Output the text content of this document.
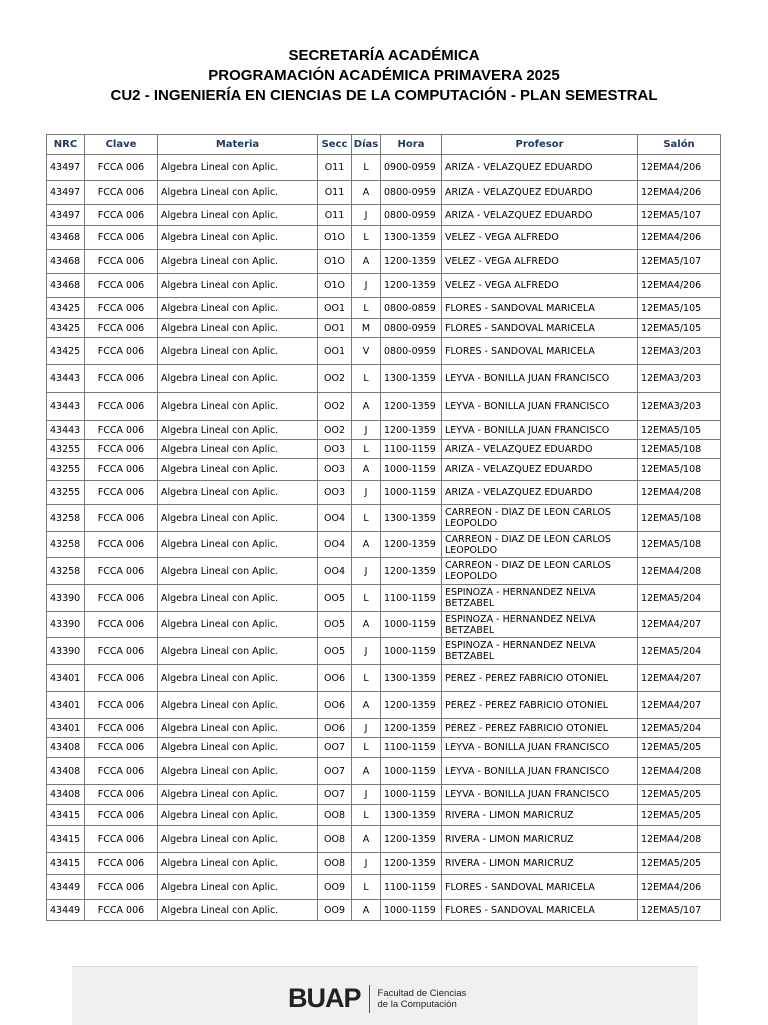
SECRETARÍA ACADÉMICA
PROGRAMACIÓN ACADÉMICA PRIMAVERA 2025
CU2 - INGENIERÍA EN CIENCIAS DE LA COMPUTACIÓN - PLAN SEMESTRAL
NRC	Clave	Materia	Secc	Días	Hora	Profesor	Salón
43497	FCCA 006	Algebra Lineal con Aplic.	O11	L	0900-0959	ARIZA - VELAZQUEZ EDUARDO	12EMA4/206
43497	FCCA 006	Algebra Lineal con Aplic.	O11	A	0800-0959	ARIZA - VELAZQUEZ EDUARDO	12EMA4/206
43497	FCCA 006	Algebra Lineal con Aplic.	O11	J	0800-0959	ARIZA - VELAZQUEZ EDUARDO	12EMA5/107
43468	FCCA 006	Algebra Lineal con Aplic.	O1O	L	1300-1359	VELEZ - VEGA ALFREDO	12EMA4/206
43468	FCCA 006	Algebra Lineal con Aplic.	O1O	A	1200-1359	VELEZ - VEGA ALFREDO	12EMA5/107
43468	FCCA 006	Algebra Lineal con Aplic.	O1O	J	1200-1359	VELEZ - VEGA ALFREDO	12EMA4/206
43425	FCCA 006	Algebra Lineal con Aplic.	OO1	L	0800-0859	FLORES - SANDOVAL MARICELA	12EMA5/105
43425	FCCA 006	Algebra Lineal con Aplic.	OO1	M	0800-0959	FLORES - SANDOVAL MARICELA	12EMA5/105
43425	FCCA 006	Algebra Lineal con Aplic.	OO1	V	0800-0959	FLORES - SANDOVAL MARICELA	12EMA3/203
43443	FCCA 006	Algebra Lineal con Aplic.	OO2	L	1300-1359	LEYVA - BONILLA JUAN FRANCISCO	12EMA3/203
43443	FCCA 006	Algebra Lineal con Aplic.	OO2	A	1200-1359	LEYVA - BONILLA JUAN FRANCISCO	12EMA3/203
43443	FCCA 006	Algebra Lineal con Aplic.	OO2	J	1200-1359	LEYVA - BONILLA JUAN FRANCISCO	12EMA5/105
43255	FCCA 006	Algebra Lineal con Aplic.	OO3	L	1100-1159	ARIZA - VELAZQUEZ EDUARDO	12EMA5/108
43255	FCCA 006	Algebra Lineal con Aplic.	OO3	A	1000-1159	ARIZA - VELAZQUEZ EDUARDO	12EMA5/108
43255	FCCA 006	Algebra Lineal con Aplic.	OO3	J	1000-1159	ARIZA - VELAZQUEZ EDUARDO	12EMA4/208
43258	FCCA 006	Algebra Lineal con Aplic.	OO4	L	1300-1359	CARREON - DIAZ DE LEON CARLOS LEOPOLDO	12EMA5/108
43258	FCCA 006	Algebra Lineal con Aplic.	OO4	A	1200-1359	CARREON - DIAZ DE LEON CARLOS LEOPOLDO	12EMA5/108
43258	FCCA 006	Algebra Lineal con Aplic.	OO4	J	1200-1359	CARREON - DIAZ DE LEON CARLOS LEOPOLDO	12EMA4/208
43390	FCCA 006	Algebra Lineal con Aplic.	OO5	L	1100-1159	ESPINOZA - HERNANDEZ NELVA BETZABEL	12EMA5/204
43390	FCCA 006	Algebra Lineal con Aplic.	OO5	A	1000-1159	ESPINOZA - HERNANDEZ NELVA BETZABEL	12EMA4/207
43390	FCCA 006	Algebra Lineal con Aplic.	OO5	J	1000-1159	ESPINOZA - HERNANDEZ NELVA BETZABEL	12EMA5/204
43401	FCCA 006	Algebra Lineal con Aplic.	OO6	L	1300-1359	PEREZ - PEREZ FABRICIO OTONIEL	12EMA4/207
43401	FCCA 006	Algebra Lineal con Aplic.	OO6	A	1200-1359	PEREZ - PEREZ FABRICIO OTONIEL	12EMA4/207
43401	FCCA 006	Algebra Lineal con Aplic.	OO6	J	1200-1359	PEREZ - PEREZ FABRICIO OTONIEL	12EMA5/204
43408	FCCA 006	Algebra Lineal con Aplic.	OO7	L	1100-1159	LEYVA - BONILLA JUAN FRANCISCO	12EMA5/205
43408	FCCA 006	Algebra Lineal con Aplic.	OO7	A	1000-1159	LEYVA - BONILLA JUAN FRANCISCO	12EMA4/208
43408	FCCA 006	Algebra Lineal con Aplic.	OO7	J	1000-1159	LEYVA - BONILLA JUAN FRANCISCO	12EMA5/205
43415	FCCA 006	Algebra Lineal con Aplic.	OO8	L	1300-1359	RIVERA - LIMON MARICRUZ	12EMA5/205
43415	FCCA 006	Algebra Lineal con Aplic.	OO8	A	1200-1359	RIVERA - LIMON MARICRUZ	12EMA4/208
43415	FCCA 006	Algebra Lineal con Aplic.	OO8	J	1200-1359	RIVERA - LIMON MARICRUZ	12EMA5/205
43449	FCCA 006	Algebra Lineal con Aplic.	OO9	L	1100-1159	FLORES - SANDOVAL MARICELA	12EMA4/206
43449	FCCA 006	Algebra Lineal con Aplic.	OO9	A	1000-1159	FLORES - SANDOVAL MARICELA	12EMA5/107
BUAP Facultad de Ciencias
de la Computación
